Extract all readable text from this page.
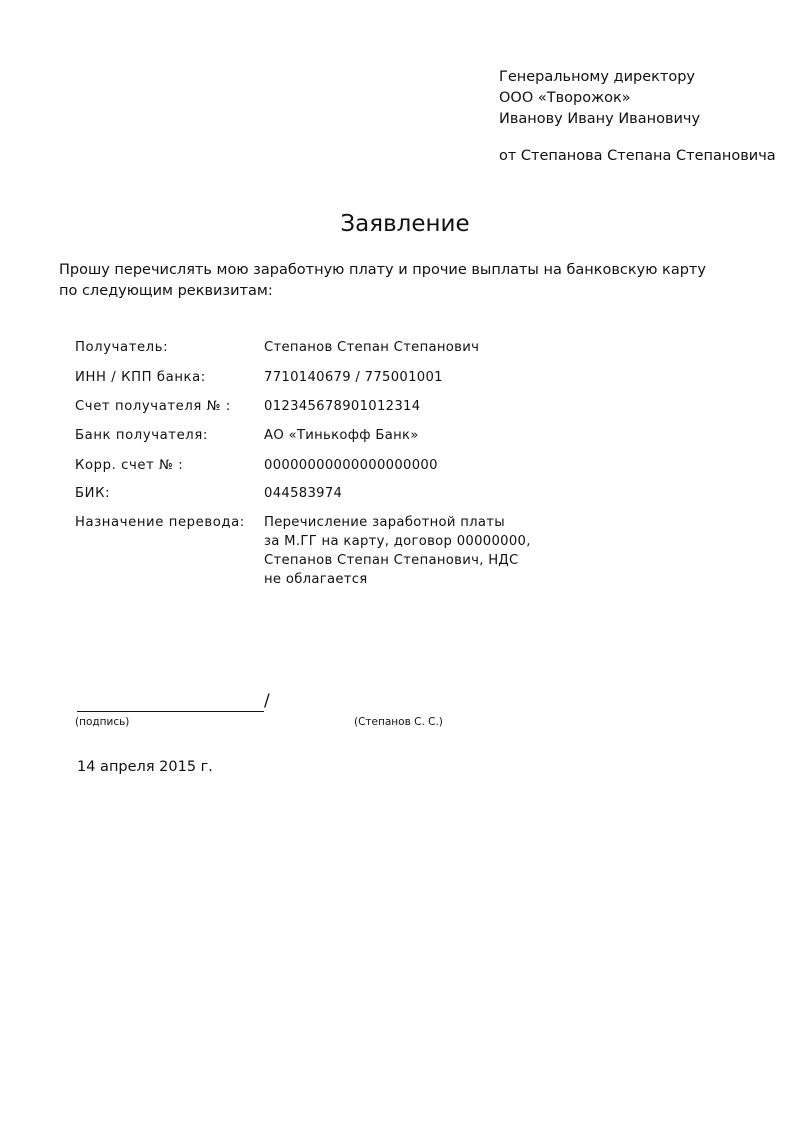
Генеральному директору
ООО «Творожок»
Иванову Ивану Ивановичу
от Степанова Степана Степановича
Заявление
Прошу перечислять мою заработную плату и прочие выплаты на банковскую карту
по следующим реквизитам:
Получатель:	Степанов Степан Степанович
ИНН / КПП банка:	7710140679 / 775001001
Счет получателя № :	012345678901012314
Банк получателя:	АО «Тинькофф Банк»
Корр. счет № :	00000000000000000000
БИК:	044583974
Назначение перевода: Перечисление заработной платы
за М.ГГ на карту, договор 00000000,
Степанов Степан Степанович, НДС
не облагается
/
(подпись)	(Степанов С. С.)
14 апреля 2015 г.
